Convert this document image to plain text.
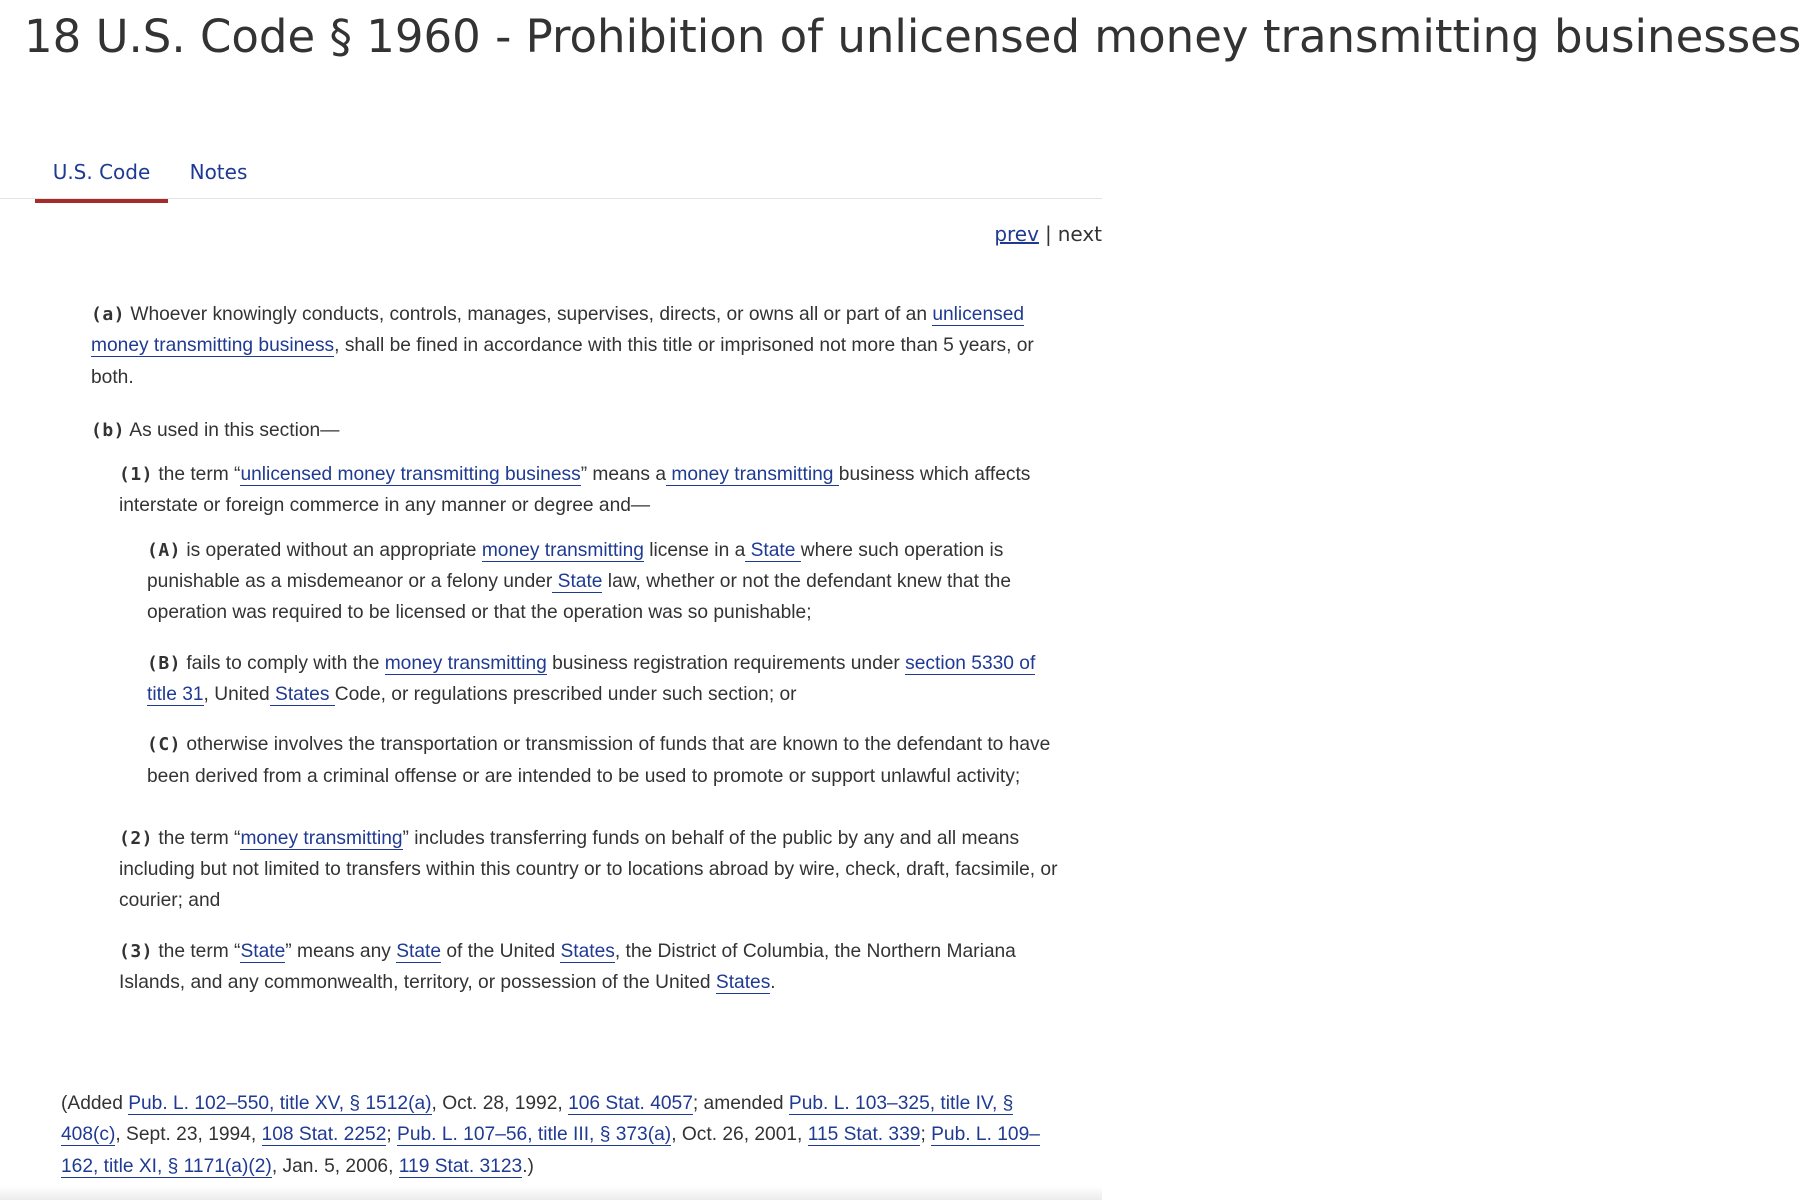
18 U.S. Code § 1960 - Prohibition of unlicensed money transmitting businesses
U.S. Code	Notes
prev | next

(a) Whoever knowingly conducts, controls, manages, supervises, directs, or owns all or part of an unlicensed money transmitting business, shall be fined in accordance with this title or imprisoned not more than 5 years, or both.

(b) As used in this section—

(1) the term “unlicensed money transmitting business” means a money transmitting business which affects interstate or foreign commerce in any manner or degree and—

(A) is operated without an appropriate money transmitting license in a State where such operation is punishable as a misdemeanor or a felony under State law, whether or not the defendant knew that the operation was required to be licensed or that the operation was so punishable;

(B) fails to comply with the money transmitting business registration requirements under section 5330 of title 31, United States Code, or regulations prescribed under such section; or

(C) otherwise involves the transportation or transmission of funds that are known to the defendant to have been derived from a criminal offense or are intended to be used to promote or support unlawful activity;

(2) the term “money transmitting” includes transferring funds on behalf of the public by any and all means including but not limited to transfers within this country or to locations abroad by wire, check, draft, facsimile, or courier; and

(3) the term “State” means any State of the United States, the District of Columbia, the Northern Mariana Islands, and any commonwealth, territory, or possession of the United States.

(Added Pub. L. 102–550, title XV, § 1512(a), Oct. 28, 1992, 106 Stat. 4057; amended Pub. L. 103–325, title IV, § 408(c), Sept. 23, 1994, 108 Stat. 2252; Pub. L. 107–56, title III, § 373(a), Oct. 26, 2001, 115 Stat. 339; Pub. L. 109–162, title XI, § 1171(a)(2), Jan. 5, 2006, 119 Stat. 3123.)
